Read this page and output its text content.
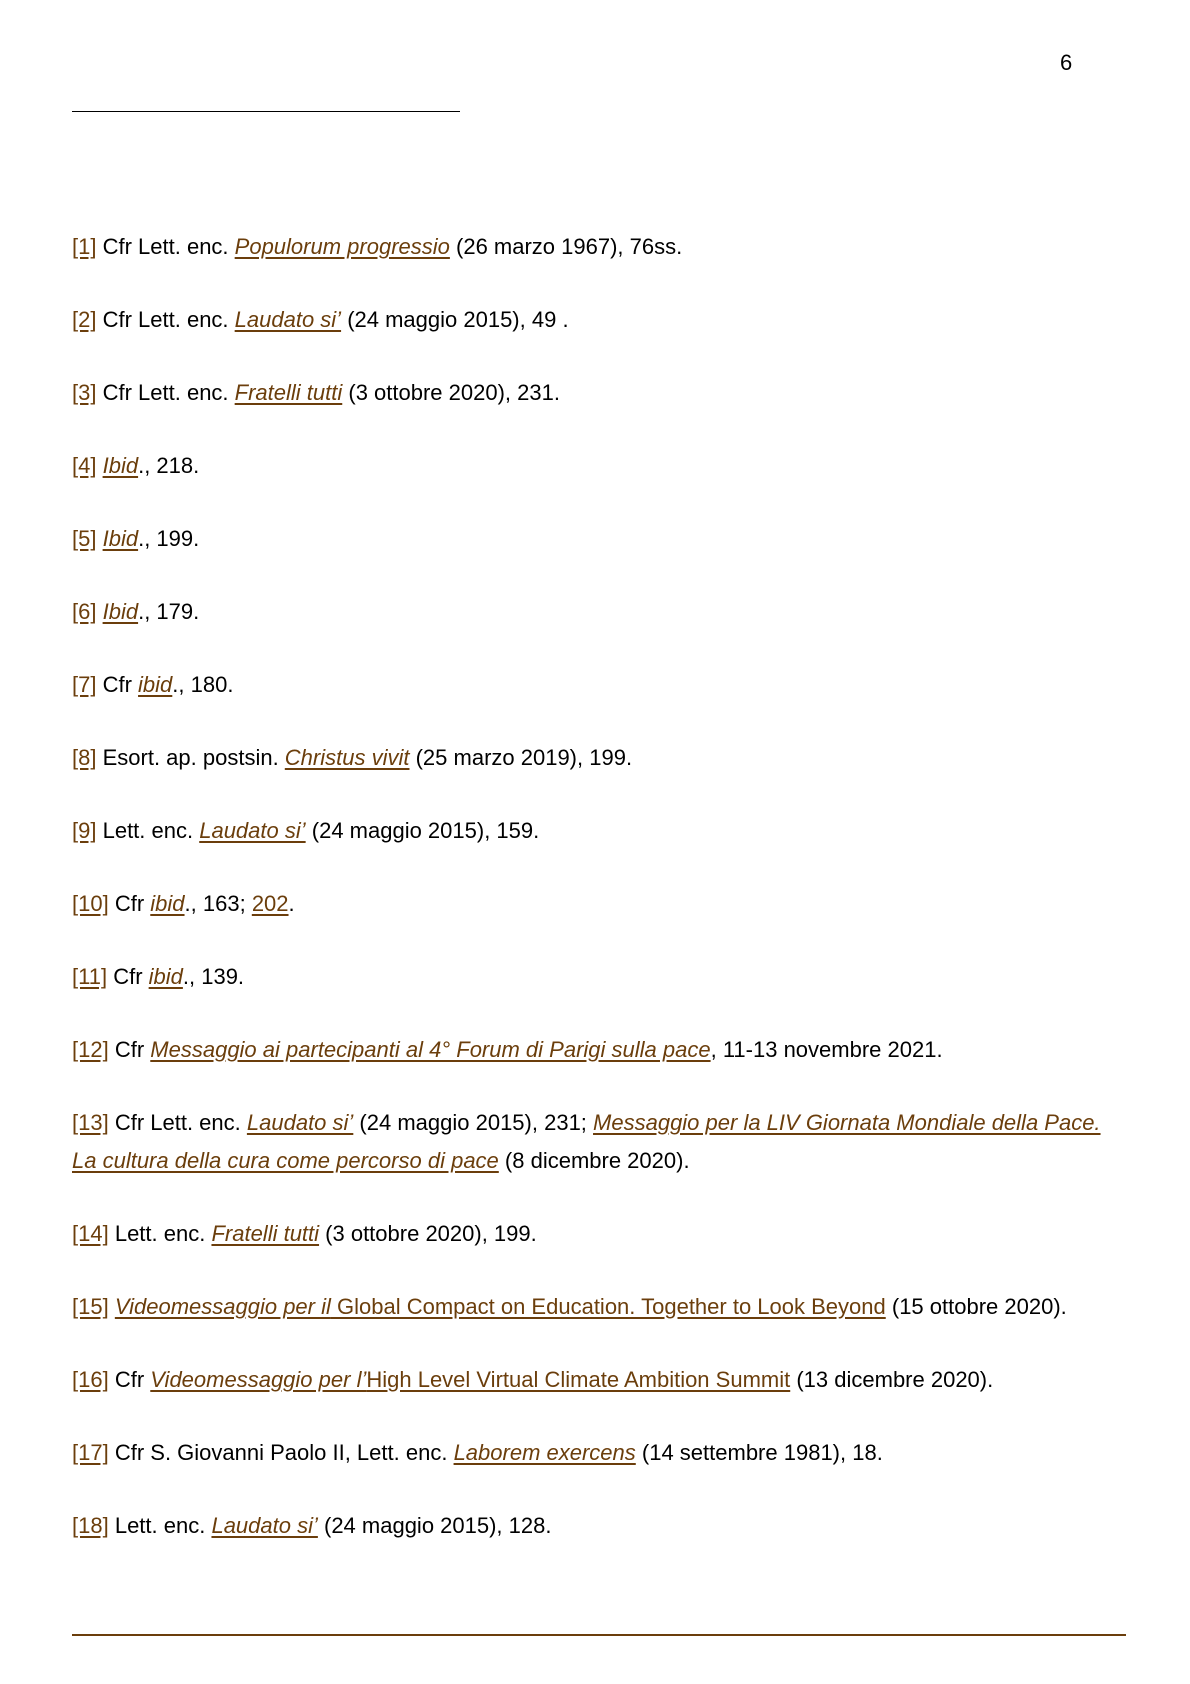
6
[1] Cfr Lett. enc. Populorum progressio (26 marzo 1967), 76ss.
[2] Cfr Lett. enc. Laudato si’ (24 maggio 2015), 49 .
[3] Cfr Lett. enc. Fratelli tutti (3 ottobre 2020), 231.
[4] Ibid., 218.
[5] Ibid., 199.
[6] Ibid., 179.
[7] Cfr ibid., 180.
[8] Esort. ap. postsin. Christus vivit (25 marzo 2019), 199.
[9] Lett. enc. Laudato si’ (24 maggio 2015), 159.
[10] Cfr ibid., 163; 202.
[11] Cfr ibid., 139.
[12] Cfr Messaggio ai partecipanti al 4° Forum di Parigi sulla pace, 11-13 novembre 2021.
[13] Cfr Lett. enc. Laudato si’ (24 maggio 2015), 231; Messaggio per la LIV Giornata Mondiale della Pace. La cultura della cura come percorso di pace (8 dicembre 2020).
[14] Lett. enc. Fratelli tutti (3 ottobre 2020), 199.
[15] Videomessaggio per il Global Compact on Education. Together to Look Beyond (15 ottobre 2020).
[16] Cfr Videomessaggio per l’High Level Virtual Climate Ambition Summit (13 dicembre 2020).
[17] Cfr S. Giovanni Paolo II, Lett. enc. Laborem exercens (14 settembre 1981), 18.
[18] Lett. enc. Laudato si’ (24 maggio 2015), 128.
